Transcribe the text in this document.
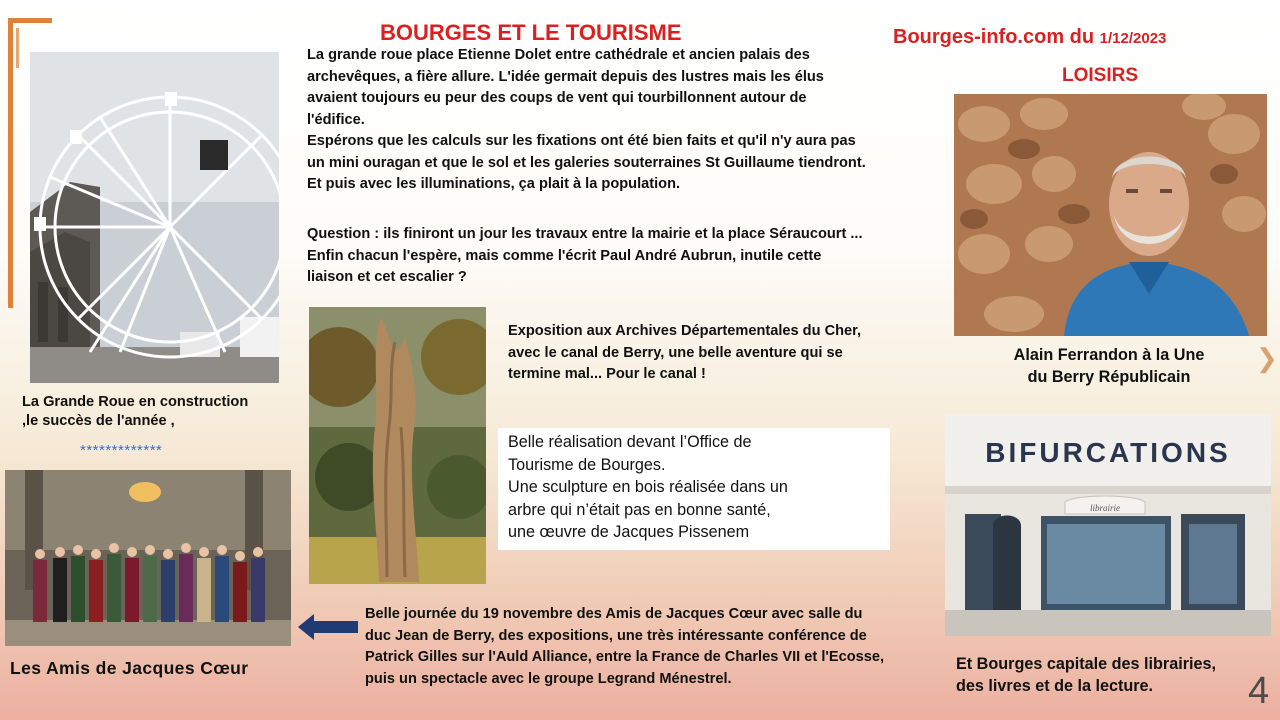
❯
BOURGES ET LE TOURISME	Bourges-info.com du 1/12/2023
LOISIRS
La Grande Roue en construction
,le succès de l'année ,
*************
Les Amis de Jacques Cœur
La grande roue place Etienne Dolet entre cathédrale et ancien palais des
archevêques, a fière allure. L'idée germait depuis des lustres mais les élus
avaient toujours eu peur des coups de vent qui tourbillonnent autour de
l'édifice.
Espérons que les calculs sur les fixations ont été bien faits et qu'il n'y aura pas
un mini ouragan et que le sol et les galeries souterraines St Guillaume tiendront.
Et puis avec les illuminations, ça plait à la population.
Question : ils finiront un jour les travaux entre la mairie et la place Séraucourt ...
Enfin chacun l'espère, mais comme l'écrit Paul André Aubrun, inutile cette
liaison et cet escalier ?
Exposition aux Archives Départementales du Cher,
avec le canal de Berry, une belle aventure qui se
termine mal... Pour le canal !
Belle réalisation devant l’Office de
Tourisme de Bourges.
Une sculpture en bois réalisée dans un
arbre qui n’était pas en bonne santé,
une œuvre de Jacques Pissenem
Belle journée du 19 novembre des Amis de Jacques Cœur avec salle du
duc Jean de Berry, des expositions, une très intéressante conférence de
Patrick Gilles sur l'Auld Alliance, entre la France de Charles VII et l'Ecosse,
puis un spectacle avec le groupe Legrand Ménestrel.
Alain Ferrandon à la Une
du Berry Républicain
BIFURCATIONS
librairie
Et Bourges capitale des librairies,
des livres et de la lecture.	4
